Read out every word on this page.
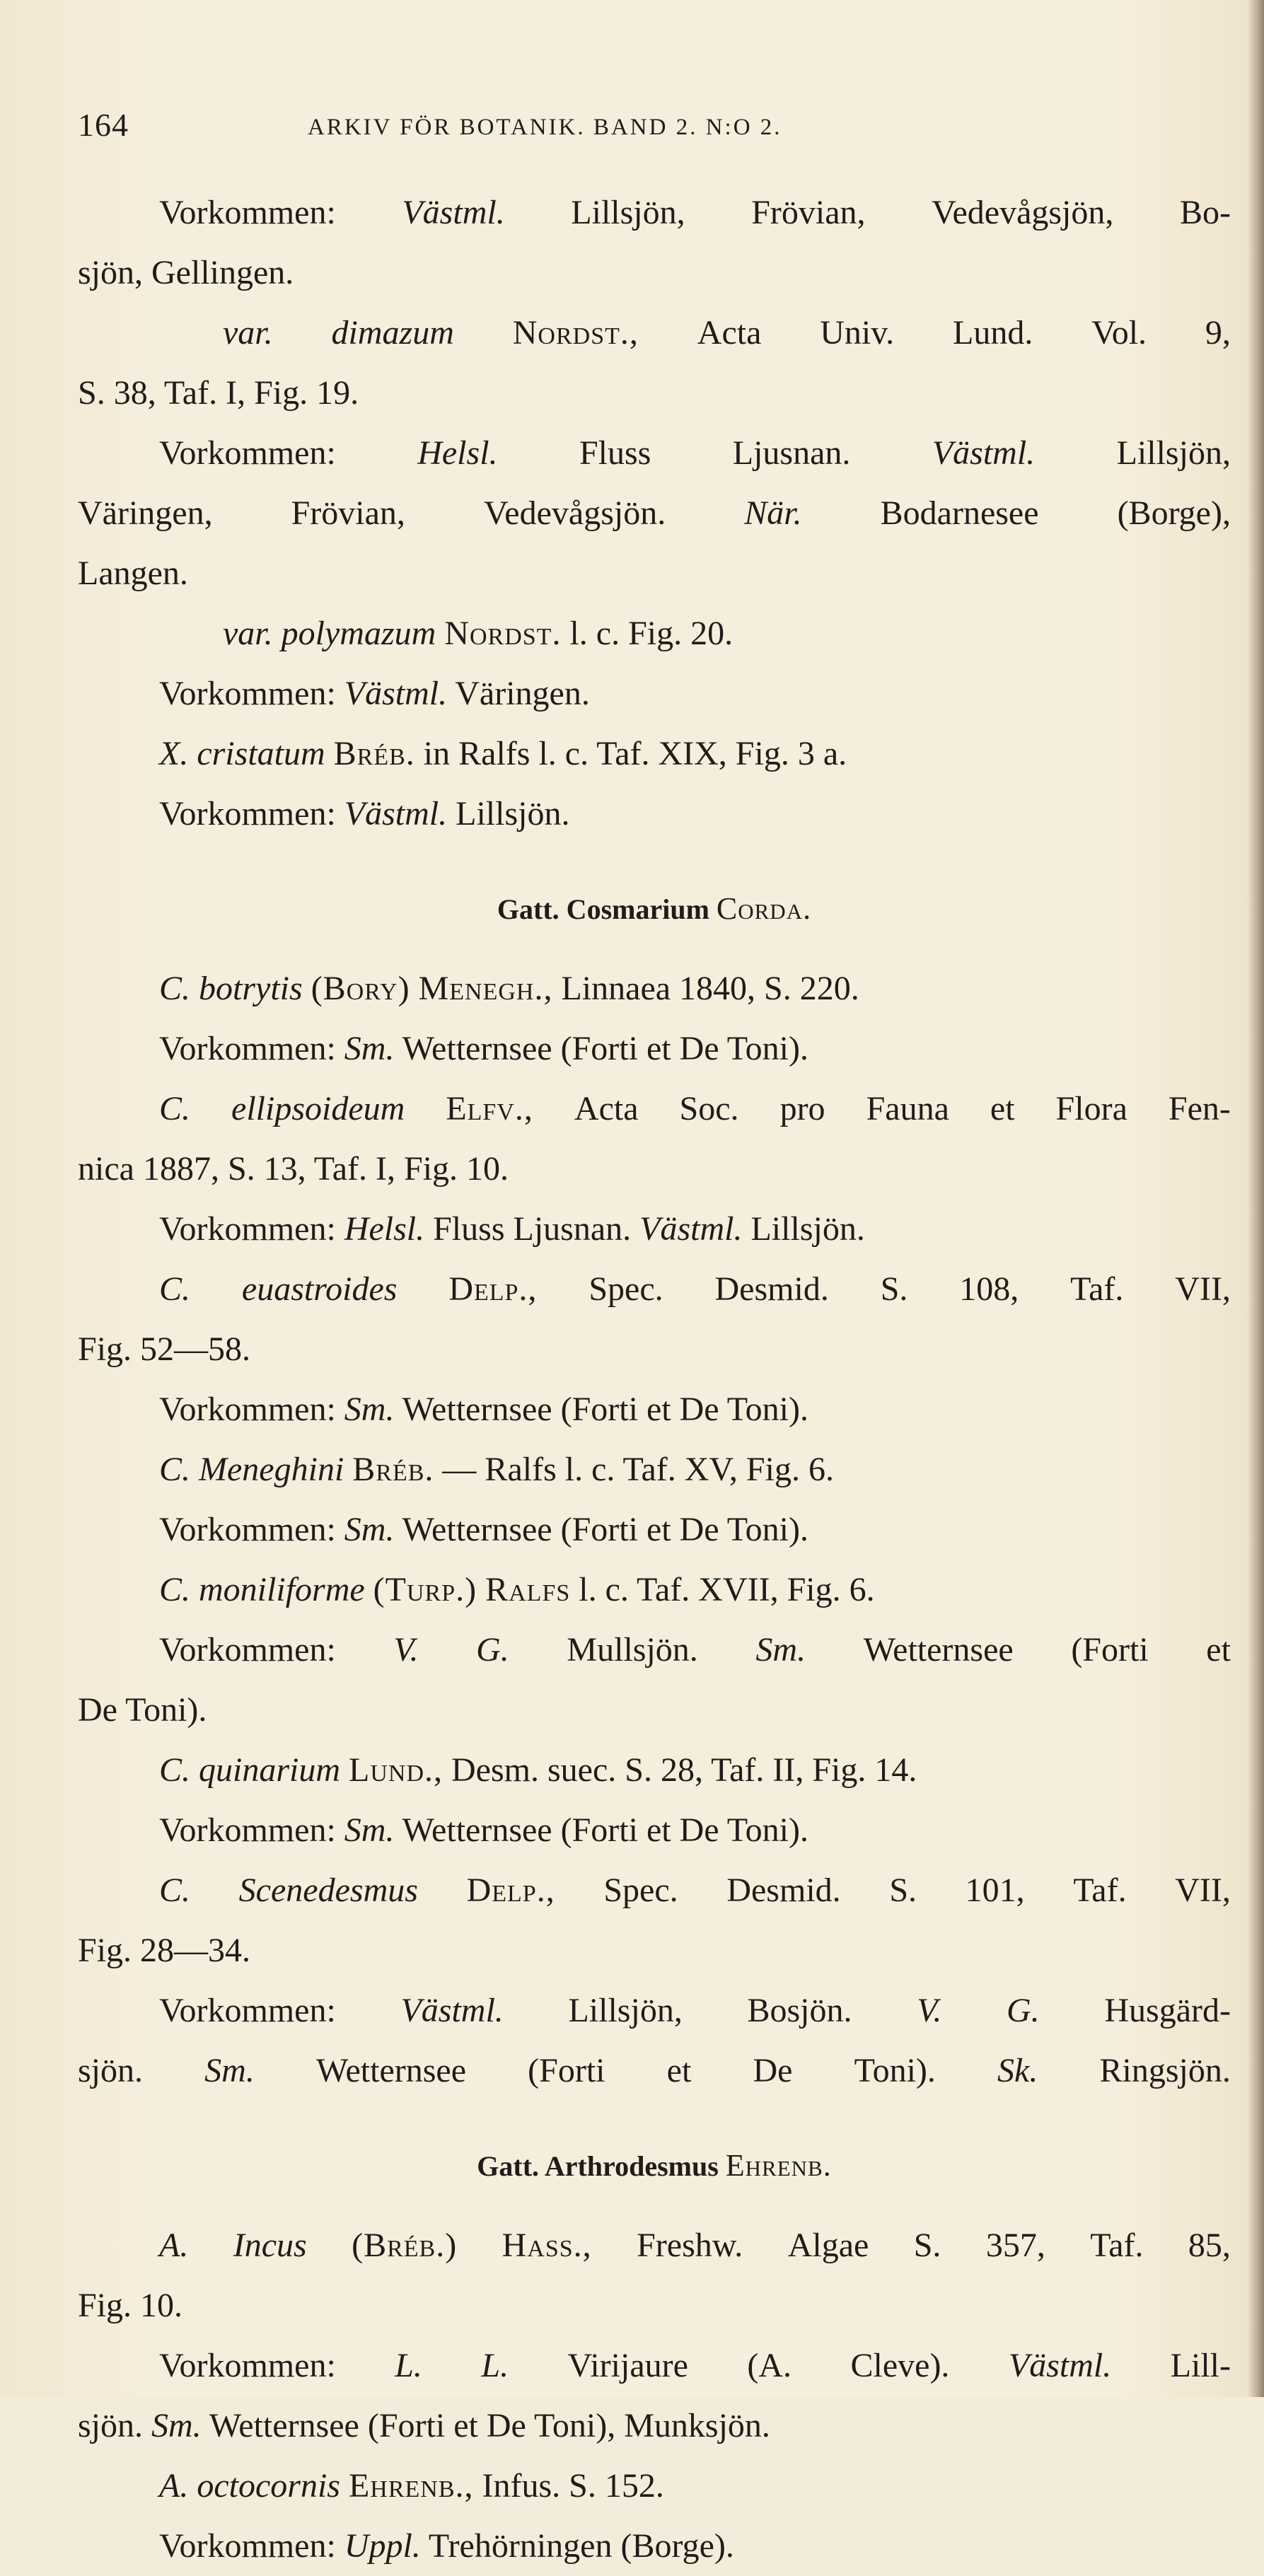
164	ARKIV FÖR BOTANIK. BAND 2. N:O 2.
Vorkommen: Västml. Lillsjön, Frövian, Vedevågsjön, Bo-
sjön, Gellingen.
var. dimazum Nordst., Acta Univ. Lund. Vol. 9,
S. 38, Taf. I, Fig. 19.
Vorkommen: Helsl. Fluss Ljusnan. Västml. Lillsjön,
Väringen, Frövian, Vedevågsjön. När. Bodarnesee (Borge),
Langen.
var. polymazum Nordst. l. c. Fig. 20.
Vorkommen: Västml. Väringen.
X. cristatum Bréb. in Ralfs l. c. Taf. XIX, Fig. 3 a.
Vorkommen: Västml. Lillsjön.
Gatt. Cosmarium Corda.
C. botrytis (Bory) Menegh., Linnaea 1840, S. 220.
Vorkommen: Sm. Wetternsee (Forti et De Toni).
C. ellipsoideum Elfv., Acta Soc. pro Fauna et Flora Fen-
nica 1887, S. 13, Taf. I, Fig. 10.
Vorkommen: Helsl. Fluss Ljusnan. Västml. Lillsjön.
C. euastroides Delp., Spec. Desmid. S. 108, Taf. VII,
Fig. 52—58.
Vorkommen: Sm. Wetternsee (Forti et De Toni).
C. Meneghini Bréb. — Ralfs l. c. Taf. XV, Fig. 6.
Vorkommen: Sm. Wetternsee (Forti et De Toni).
C. moniliforme (Turp.) Ralfs l. c. Taf. XVII, Fig. 6.
Vorkommen: V. G. Mullsjön. Sm. Wetternsee (Forti et
De Toni).
C. quinarium Lund., Desm. suec. S. 28, Taf. II, Fig. 14.
Vorkommen: Sm. Wetternsee (Forti et De Toni).
C. Scenedesmus Delp., Spec. Desmid. S. 101, Taf. VII,
Fig. 28—34.
Vorkommen: Västml. Lillsjön, Bosjön. V. G. Husgärd-
sjön. Sm. Wetternsee (Forti et De Toni). Sk. Ringsjön.
Gatt. Arthrodesmus Ehrenb.
A. Incus (Bréb.) Hass., Freshw. Algae S. 357, Taf. 85,
Fig. 10.
Vorkommen: L. L. Virijaure (A. Cleve). Västml. Lill-
sjön. Sm. Wetternsee (Forti et De Toni), Munksjön.
A. octocornis Ehrenb., Infus. S. 152.
Vorkommen: Uppl. Trehörningen (Borge).
